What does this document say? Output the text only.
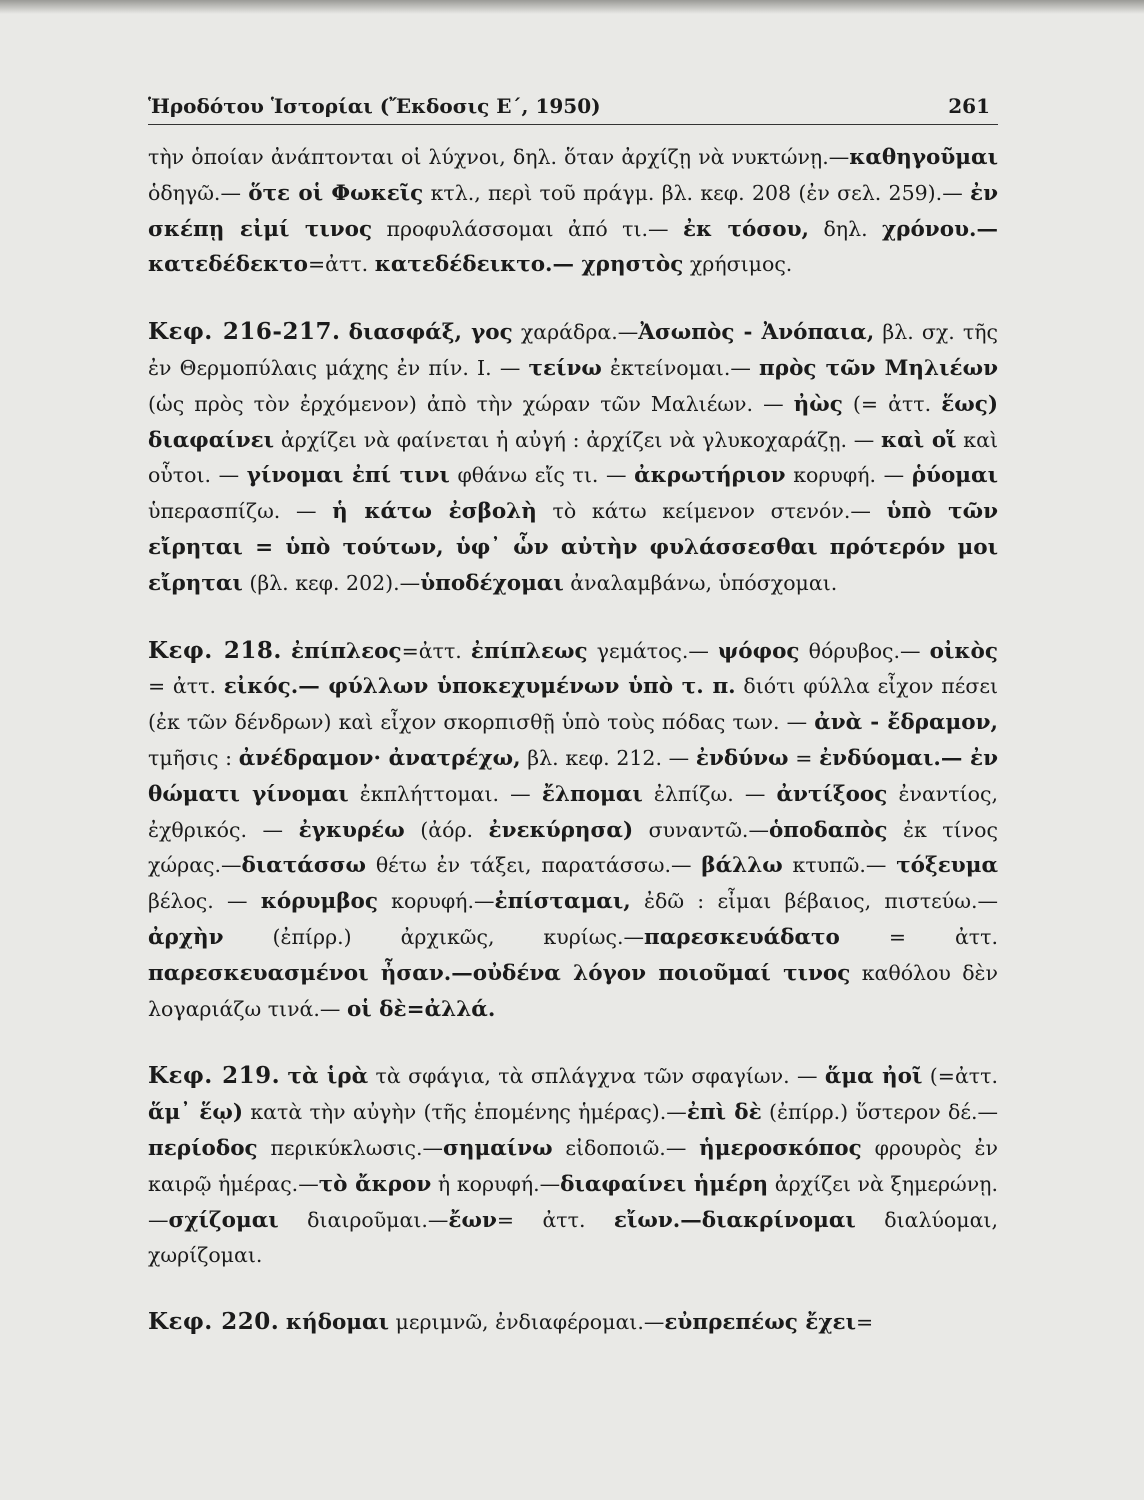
Ἡροδότου Ἱστορίαι (Ἔκδοσις Ε΄, 1950)	261

τὴν ὁποίαν ἀνάπτονται οἱ λύχνοι, δηλ. ὅταν ἀρχίζῃ νὰ νυκτώνῃ.—καθηγοῦμαι ὁδηγῶ.— ὅτε οἱ Φωκεῖς κτλ., περὶ τοῦ πράγμ. βλ. κεφ. 208 (ἐν σελ. 259).— ἐν σκέπῃ εἰμί τινος προφυλάσσομαι ἀπό τι.— ἐκ τόσου, δηλ. χρόνου.—κατεδέδεκτο=ἀττ. κατεδέδεικτο.— χρηστὸς χρήσιμος.

Κεφ. 216-217. διασφάξ, γος χαράδρα.—Ἀσωπὸς - Ἀνόπαια, βλ. σχ. τῆς ἐν Θερμοπύλαις μάχης ἐν πίν. Ι. — τείνω ἐκτείνομαι.— πρὸς τῶν Μηλιέων (ὡς πρὸς τὸν ἐρχόμενον) ἀπὸ τὴν χώραν τῶν Μαλιέων. — ἠὼς (= ἀττ. ἕως) διαφαίνει ἀρχίζει νὰ φαίνεται ἡ αὐγή : ἀρχίζει νὰ γλυκοχαράζῃ. — καὶ οἵ καὶ οὗτοι. — γίνομαι ἐπί τινι φθάνω εἴς τι. — ἀκρωτήριον κορυφή. — ῥύομαι ὑπερασπίζω. — ἡ κάτω ἐσβολὴ τὸ κάτω κείμενον στενόν.— ὑπὸ τῶν εἴρηται = ὑπὸ τούτων, ὑφ᾽ ὧν αὐτὴν φυλάσσεσθαι πρότερόν μοι εἴρηται (βλ. κεφ. 202).—ὑποδέχομαι ἀναλαμβάνω, ὑπόσχομαι.

Κεφ. 218. ἐπίπλεος=ἀττ. ἐπίπλεως γεμάτος.— ψόφος θόρυβος.— οἰκὸς = ἀττ. εἰκός.— φύλλων ὑποκεχυμένων ὑπὸ τ. π. διότι φύλλα εἶχον πέσει (ἐκ τῶν δένδρων) καὶ εἶχον σκορπισθῇ ὑπὸ τοὺς πόδας των. — ἀνὰ - ἔδραμον, τμῆσις : ἀνέδραμον· ἀνατρέχω, βλ. κεφ. 212. — ἐνδύνω = ἐνδύομαι.— ἐν θώματι γίνομαι ἐκπλήττομαι. — ἔλπομαι ἐλπίζω. — ἀντίξοος ἐναντίος, ἐχθρικός. — ἐγκυρέω (ἀόρ. ἐνεκύρησα) συναντῶ.—ὁποδαπὸς ἐκ τίνος χώρας.—διατάσσω θέτω ἐν τάξει, παρατάσσω.— βάλλω κτυπῶ.— τόξευμα βέλος. — κόρυμβος κορυφή.—ἐπίσταμαι, ἐδῶ : εἶμαι βέβαιος, πιστεύω.— ἀρχὴν (ἐπίρρ.) ἀρχικῶς, κυρίως.—παρεσκευάδατο = ἀττ. παρεσκευασμένοι ἦσαν.—οὐδένα λόγον ποιοῦμαί τινος καθόλου δὲν λογαριάζω τινά.— οἱ δὲ=ἀλλά.

Κεφ. 219. τὰ ἱρὰ τὰ σφάγια, τὰ σπλάγχνα τῶν σφαγίων. — ἅμα ἠοῖ (=ἀττ. ἅμ᾽ ἕῳ) κατὰ τὴν αὐγὴν (τῆς ἑπομένης ἡμέρας).—ἐπὶ δὲ (ἐπίρρ.) ὕστερον δέ.—περίοδος περικύκλωσις.—σημαίνω εἰδοποιῶ.— ἡμεροσκόπος φρουρὸς ἐν καιρῷ ἡμέρας.—τὸ ἄκρον ἡ κορυφή.—διαφαίνει ἡμέρη ἀρχίζει νὰ ξημερώνῃ.—σχίζομαι διαιροῦμαι.—ἔων= ἀττ. εἴων.—διακρίνομαι διαλύομαι, χωρίζομαι.

Κεφ. 220. κήδομαι μεριμνῶ, ἐνδιαφέρομαι.—εὐπρεπέως ἔχει=
